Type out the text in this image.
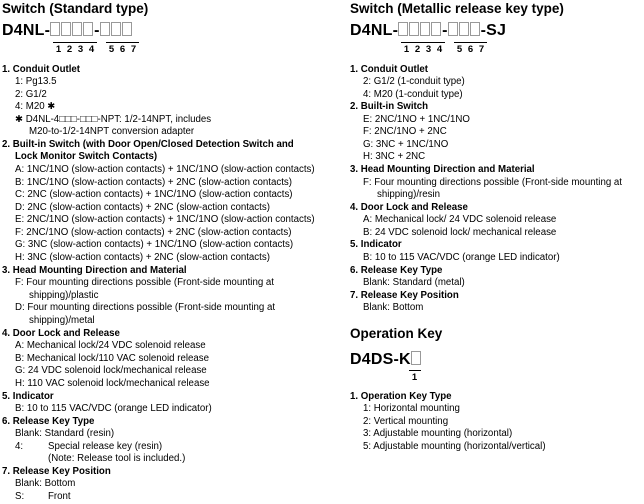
Switch (Standard type)
D4NL-	-
1 2 3 4 5 6 7
1. Conduit Outlet
1: Pg13.5
2: G1/2
4: M20 ✱
✱ D4NL-4□□□-□□□-NPT: 1/2-14NPT, includes
M20-to-1/2-14NPT conversion adapter
2. Built-in Switch (with Door Open/Closed Detection Switch and
Lock Monitor Switch Contacts)
A: 1NC/1NO (slow-action contacts) + 1NC/1NO (slow-action contacts)
B: 1NC/1NO (slow-action contacts) + 2NC (slow-action contacts)
C: 2NC (slow-action contacts) + 1NC/1NO (slow-action contacts)
D: 2NC (slow-action contacts) + 2NC (slow-action contacts)
E: 2NC/1NO (slow-action contacts) + 1NC/1NO (slow-action contacts)
F: 2NC/1NO (slow-action contacts) + 2NC (slow-action contacts)
G: 3NC (slow-action contacts) + 1NC/1NO (slow-action contacts)
H: 3NC (slow-action contacts) + 2NC (slow-action contacts)
3. Head Mounting Direction and Material
F: Four mounting directions possible (Front-side mounting at
shipping)/plastic
D: Four mounting directions possible (Front-side mounting at
shipping)/metal
4. Door Lock and Release
A: Mechanical lock/24 VDC solenoid release
B: Mechanical lock/110 VAC solenoid release
G: 24 VDC solenoid lock/mechanical release
H: 110 VAC solenoid lock/mechanical release
5. Indicator
B: 10 to 115 VAC/VDC (orange LED indicator)
6. Release Key Type
Blank: Standard (resin)
4:	Special release key (resin)
(Note: Release tool is included.)
7. Release Key Position
Blank: Bottom
S: Front
Switch (Metallic release key type)
D4NL-	- -SJ
1 2 3 4 5 6 7
1. Conduit Outlet
2: G1/2 (1-conduit type)
4: M20 (1-conduit type)
2. Built-in Switch
E: 2NC/1NO + 1NC/1NO
F: 2NC/1NO + 2NC
G: 3NC + 1NC/1NO
H: 3NC + 2NC
3. Head Mounting Direction and Material
F: Four mounting directions possible (Front-side mounting at
shipping)/resin
4. Door Lock and Release
A: Mechanical lock/ 24 VDC solenoid release
B: 24 VDC solenoid lock/ mechanical release
5. Indicator
B: 10 to 115 VAC/VDC (orange LED indicator)
6. Release Key Type
Blank: Standard (metal)
7. Release Key Position
Blank: Bottom
Operation Key
D4DS-K
1
1. Operation Key Type
1: Horizontal mounting
2: Vertical mounting
3: Adjustable mounting (horizontal)
5: Adjustable mounting (horizontal/vertical)
